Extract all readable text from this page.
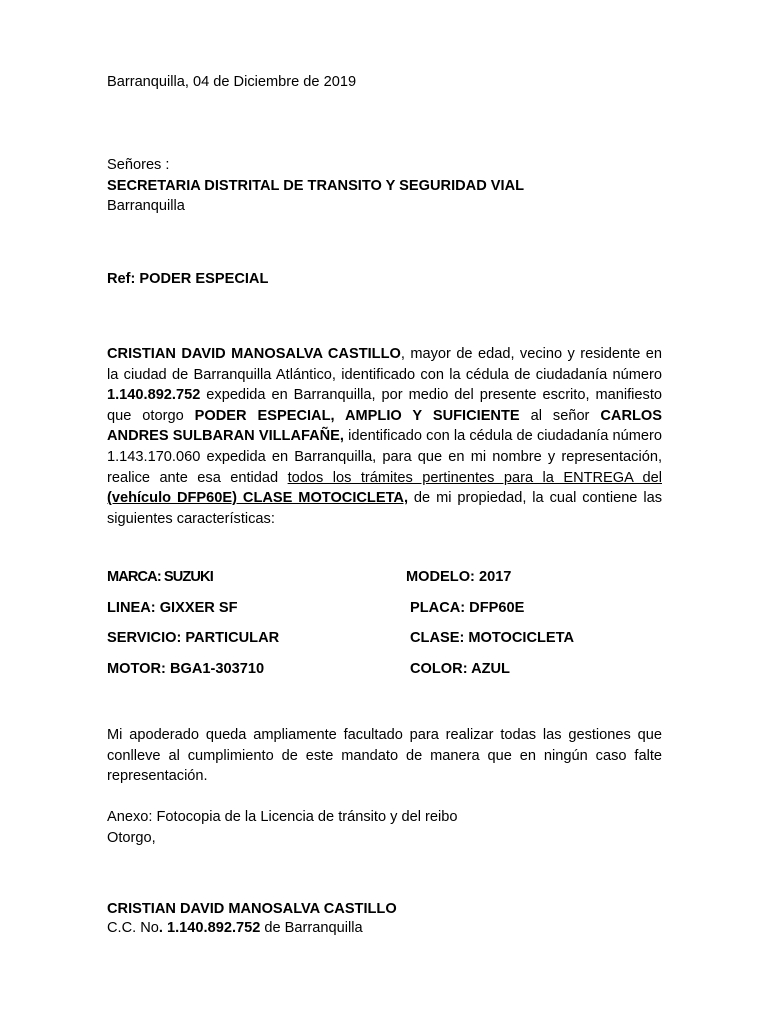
Barranquilla, 04 de Diciembre de 2019
Señores :
SECRETARIA DISTRITAL DE TRANSITO Y SEGURIDAD VIAL
Barranquilla
Ref: PODER ESPECIAL
CRISTIAN DAVID MANOSALVA CASTILLO, mayor de edad, vecino y residente en la ciudad de Barranquilla Atlántico, identificado con la cédula de ciudadanía número 1.140.892.752 expedida en Barranquilla, por medio del presente escrito, manifiesto que otorgo PODER ESPECIAL, AMPLIO Y SUFICIENTE al señor CARLOS ANDRES SULBARAN VILLAFAÑE, identificado con la cédula de ciudadanía número 1.143.170.060 expedida en Barranquilla, para que en mi nombre y representación, realice ante esa entidad todos los trámites pertinentes para la ENTREGA del (vehículo DFP60E) CLASE MOTOCICLETA, de mi propiedad, la cual contiene las siguientes características:
MARCA: SUZUKI	MODELO: 2017
LINEA: GIXXER SF	PLACA: DFP60E
SERVICIO: PARTICULAR	CLASE: MOTOCICLETA
MOTOR: BGA1-303710	COLOR: AZUL
Mi apoderado queda ampliamente facultado para realizar todas las gestiones que conlleve al cumplimiento de este mandato de manera que en ningún caso falte representación.
Anexo: Fotocopia de la Licencia de tránsito y del reibo
Otorgo,
CRISTIAN DAVID MANOSALVA CASTILLO
C.C. No. 1.140.892.752 de Barranquilla
